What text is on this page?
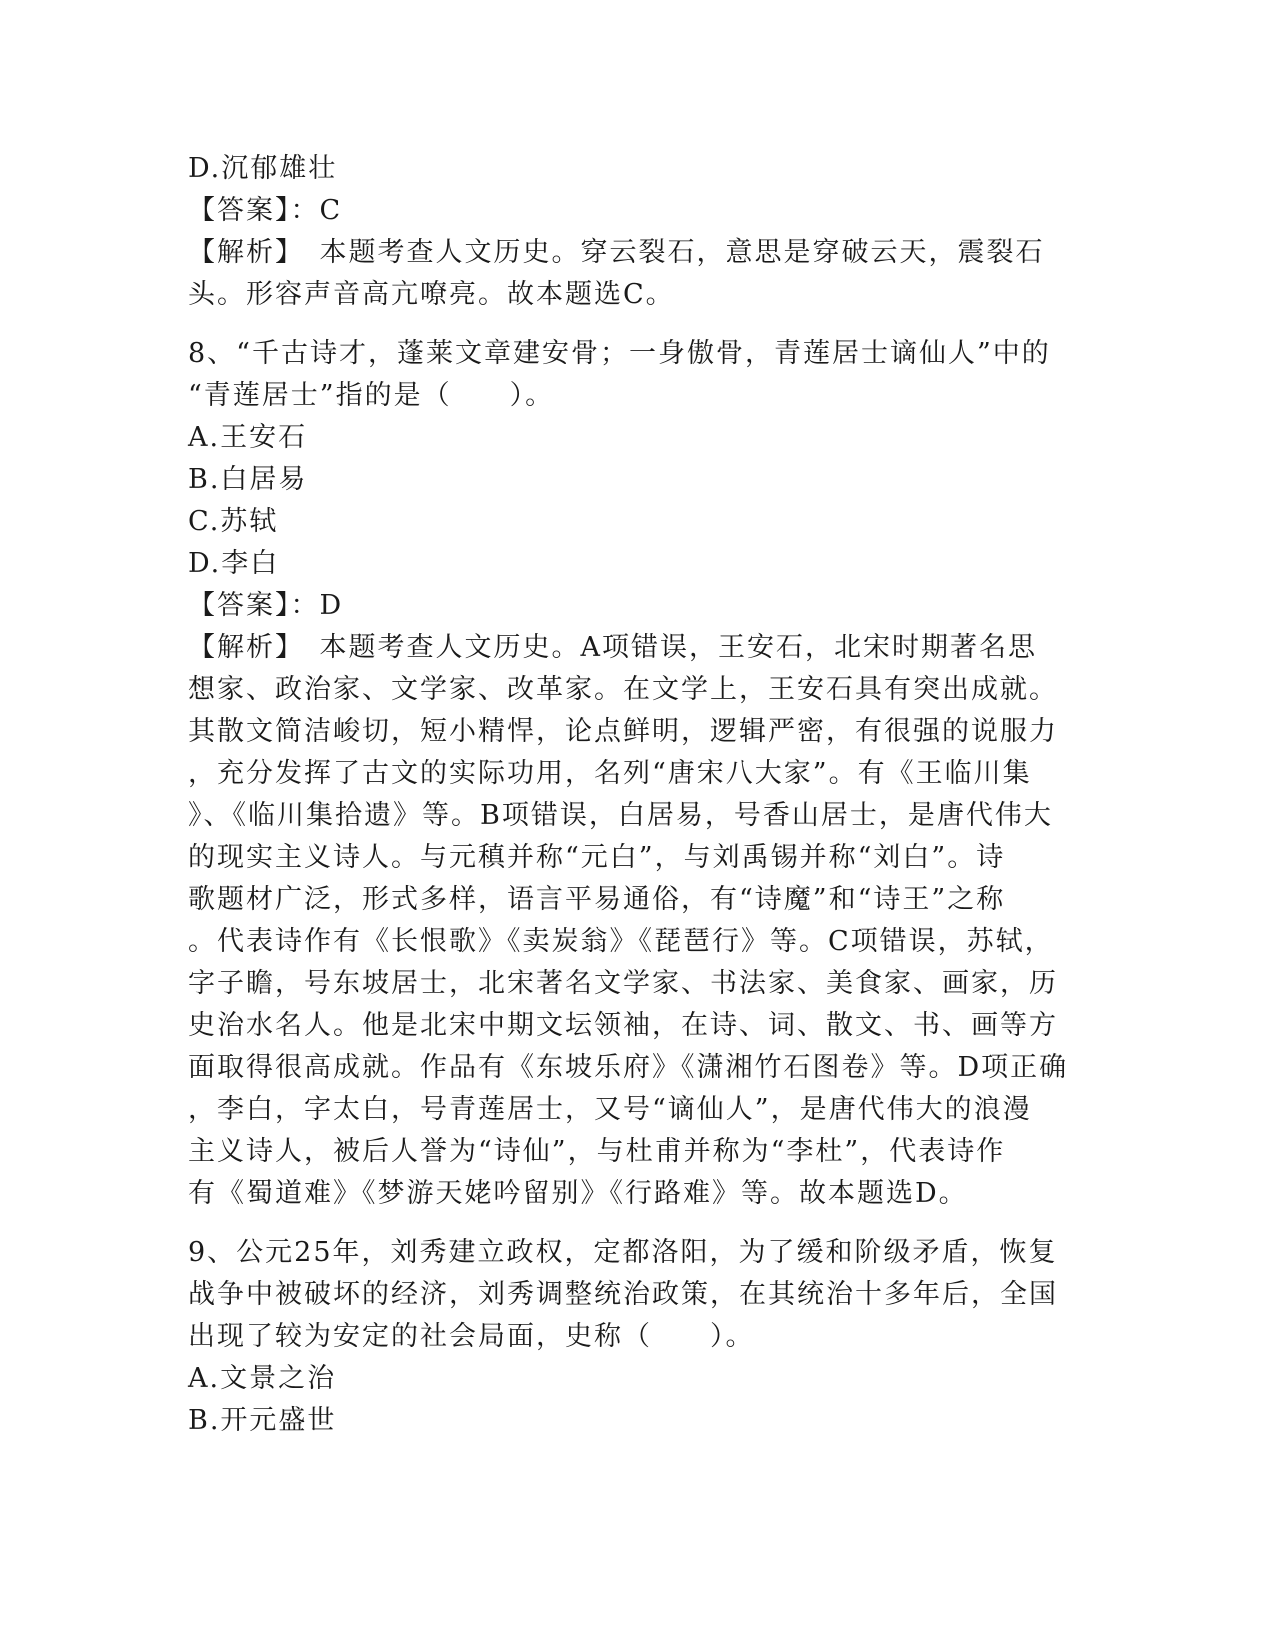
D.沉郁雄壮
【答案】：C
【解析】　本题考查人文历史。穿云裂石，意思是穿破云天，震裂石
头。形容声音高亢嘹亮。故本题选C。
8、“千古诗才，蓬莱文章建安骨；一身傲骨，青莲居士谪仙人”中的
“青莲居士”指的是（　　）。
A.王安石
B.白居易
C.苏轼
D.李白
【答案】：D
【解析】　本题考查人文历史。A项错误，王安石，北宋时期著名思
想家、政治家、文学家、改革家。在文学上，王安石具有突出成就。
其散文简洁峻切，短小精悍，论点鲜明，逻辑严密，有很强的说服力
，充分发挥了古文的实际功用，名列“唐宋八大家”。有《王临川集
》、《临川集拾遗》等。B项错误，白居易，号香山居士，是唐代伟大
的现实主义诗人。与元稹并称“元白”，与刘禹锡并称“刘白”。诗
歌题材广泛，形式多样，语言平易通俗，有“诗魔”和“诗王”之称
。代表诗作有《长恨歌》《卖炭翁》《琵琶行》等。C项错误，苏轼，
字子瞻，号东坡居士，北宋著名文学家、书法家、美食家、画家，历
史治水名人。他是北宋中期文坛领袖，在诗、词、散文、书、画等方
面取得很高成就。作品有《东坡乐府》《潇湘竹石图卷》等。D项正确
，李白，字太白，号青莲居士，又号“谪仙人”，是唐代伟大的浪漫
主义诗人，被后人誉为“诗仙”，与杜甫并称为“李杜”，代表诗作
有《蜀道难》《梦游天姥吟留别》《行路难》等。故本题选D。
9、公元25年，刘秀建立政权，定都洛阳，为了缓和阶级矛盾，恢复
战争中被破坏的经济，刘秀调整统治政策，在其统治十多年后，全国
出现了较为安定的社会局面，史称（　　）。
A.文景之治
B.开元盛世
